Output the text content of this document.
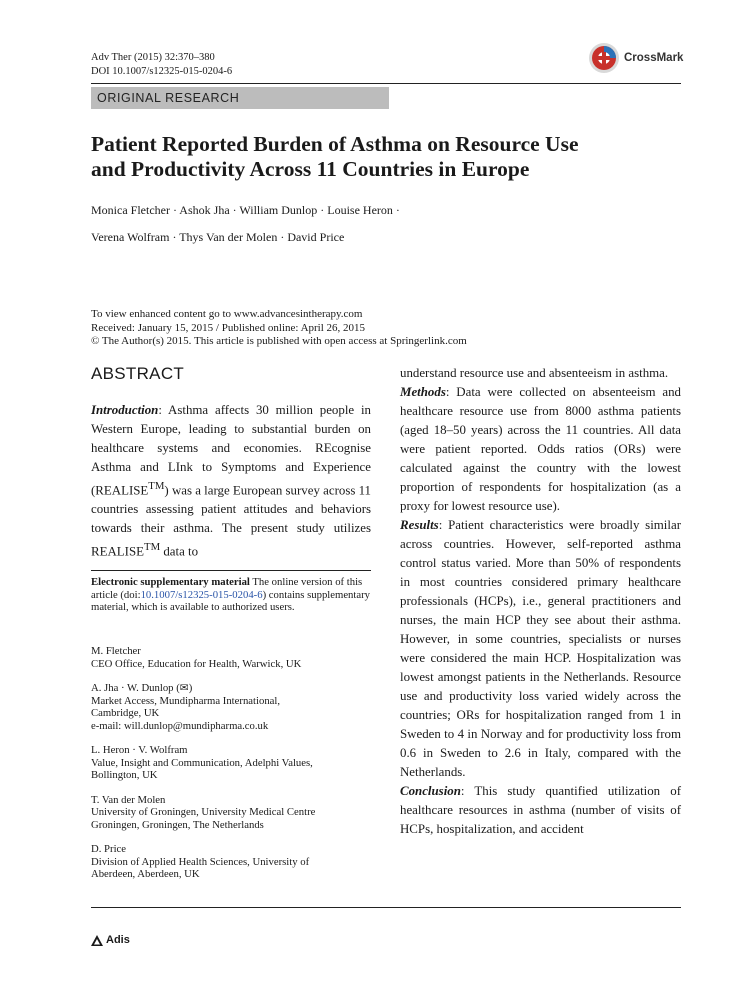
Adv Ther (2015) 32:370–380
DOI 10.1007/s12325-015-0204-6
CrossMark
ORIGINAL RESEARCH
Patient Reported Burden of Asthma on Resource Use
and Productivity Across 11 Countries in Europe
Monica Fletcher · Ashok Jha · William Dunlop · Louise Heron ·
Verena Wolfram · Thys Van der Molen · David Price
To view enhanced content go to www.advancesintherapy.com
Received: January 15, 2015 / Published online: April 26, 2015
© The Author(s) 2015. This article is published with open access at Springerlink.com
ABSTRACT

Introduction: Asthma affects 30 million people in Western Europe, leading to substantial burden on healthcare systems and economies. REcognise Asthma and LInk to Symptoms and Experience (REALISE™) was a large European survey across 11 countries assessing patient attitudes and behaviors towards their asthma. The present study utilizes REALISE™ data to

understand resource use and absenteeism in asthma.

Methods: Data were collected on absenteeism and healthcare resource use from 8000 asthma patients (aged 18–50 years) across the 11 countries. All data were patient reported. Odds ratios (ORs) were calculated against the country with the lowest proportion of respondents for hospitalization (as a proxy for lowest resource use).

Results: Patient characteristics were broadly similar across countries. However, self-reported asthma control status varied. More than 50% of respondents in most countries considered primary healthcare professionals (HCPs), i.e., general practitioners and nurses, the main HCP they see about their asthma. However, in some countries, specialists or nurses were considered the main HCP. Hospitalization was lowest amongst patients in the Netherlands. Resource use and productivity loss varied widely across the countries; ORs for hospitalization ranged from 1 in Sweden to 4 in Norway and for productivity loss from 0.6 in Sweden to 2.6 in Italy, compared with the Netherlands.

Conclusion: This study quantified utilization of healthcare resources in asthma (number of visits of HCPs, hospitalization, and accident

Electronic supplementary material The online version of this article (doi:10.1007/s12325-015-0204-6) contains supplementary material, which is available to authorized users.
M. Fletcher
CEO Office, Education for Health, Warwick, UK
A. Jha · W. Dunlop (✉)
Market Access, Mundipharma International,
Cambridge, UK
e-mail: will.dunlop@mundipharma.co.uk
L. Heron · V. Wolfram
Value, Insight and Communication, Adelphi Values,
Bollington, UK
T. Van der Molen
University of Groningen, University Medical Centre
Groningen, Groningen, The Netherlands
D. Price
Division of Applied Health Sciences, University of
Aberdeen, Aberdeen, UK
Adis
